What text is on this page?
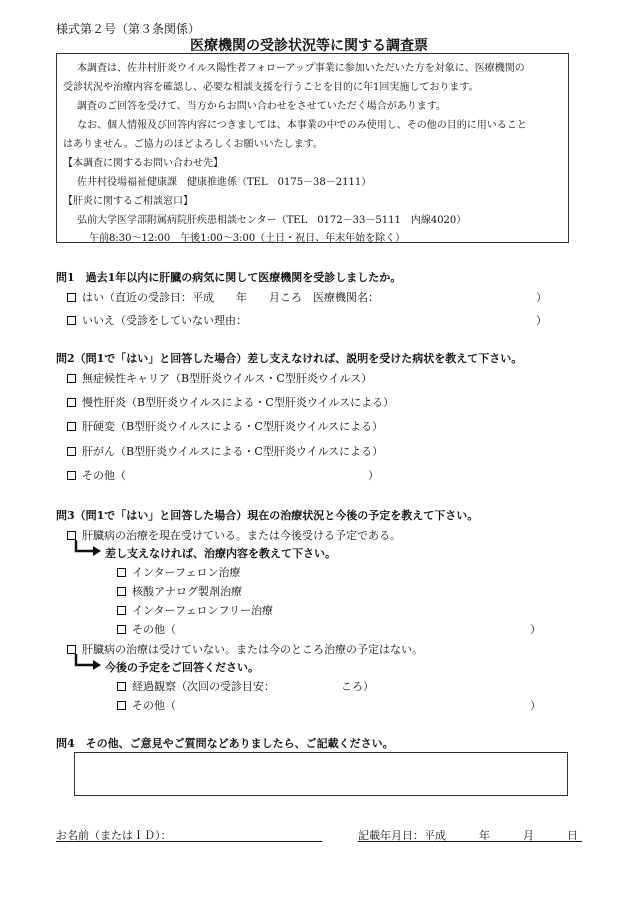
様式第２号（第３条関係）
医療機関の受診状況等に関する調査票
本調査は、佐井村肝炎ウイルス陽性者フォローアップ事業に参加いただいた方を対象に、医療機関の
受診状況や治療内容を確認し、必要な相談支援を行うことを目的に年1回実施しております。
調査のご回答を受けて、当方からお問い合わせをさせていただく場合があります。
なお、個人情報及び回答内容につきましては、本事業の中でのみ使用し、その他の目的に用いること
はありません。ご協力のほどよろしくお願いいたします。
【本調査に関するお問い合わせ先】
佐井村役場福祉健康課　健康推進係（TEL　0175－38－2111）
【肝炎に関するご相談窓口】
弘前大学医学部附属病院肝疾患相談センター（TEL　0172－33－5111　内線4020）
午前8:30～12:00　午後1:00～3:00（土日・祝日、年末年始を除く）
問1　過去1年以内に肝臓の病気に関して医療機関を受診しましたか。
はい（直近の受診日：平成　　年　　月ころ　医療機関名：	）
いいえ（受診をしていない理由：	）
問2（問1で「はい」と回答した場合）差し支えなければ、説明を受けた病状を教えて下さい。
無症候性キャリア（B型肝炎ウイルス・C型肝炎ウイルス）
慢性肝炎（B型肝炎ウイルスによる・C型肝炎ウイルスによる）
肝硬変（B型肝炎ウイルスによる・C型肝炎ウイルスによる）
肝がん（B型肝炎ウイルスによる・C型肝炎ウイルスによる）
その他（	）
問3（問1で「はい」と回答した場合）現在の治療状況と今後の予定を教えて下さい。
肝臓病の治療を現在受けている。または今後受ける予定である。
差し支えなければ、治療内容を教えて下さい。
インターフェロン治療
核酸アナログ製剤治療
インターフェロンフリー治療
その他（	）
肝臓病の治療は受けていない。または今のところ治療の予定はない。
今後の予定をご回答ください。
経過観察（次回の受診目安：	ころ）
その他（	）
問4　その他、ご意見やご質問などありましたら、ご記載ください。
お名前（またはＩＤ）：	記載年月日：平成　　　年　　　月　　　日
